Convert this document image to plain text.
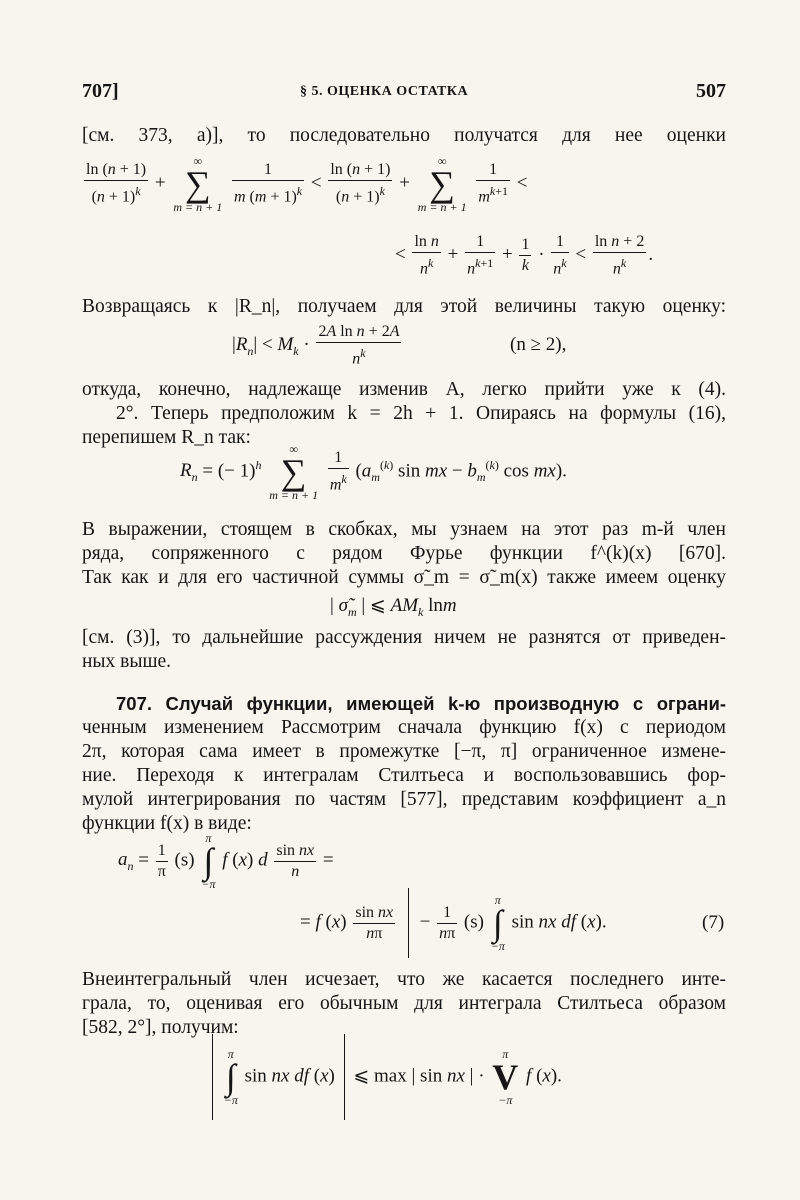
707]	§ 5. ОЦЕНКА ОСТАТКА	507
[см. 373, а)], то последовательно получатся для нее оценки
$\frac{\ln (n + 1)}{(n + 1)^k}$ +
∞
∑
m = n + 1
$\frac{1}{m (m + 1)^k} < \frac{\ln (n + 1)}{(n + 1)^k}$ +
∞
∑
m = n + 1
$\frac{1}{m^{k+1}}$ <
< $\frac{\text{ln n}}{n^k} + \frac{1}{n^{k+1}} + \frac{1}{k} \cdot \frac{1}{n^k} < \frac{\text{ln n + 2}}{n^k}$ .
Возвращаясь к |R_n|, получаем для этой величины такую оценку:
$|R_n| < M_k \cdot \frac{\text{2A ln n + 2A}}{n^k}$	(n ≥ 2),
откуда, конечно, надлежаще изменив A, легко прийти уже к (4).
2°. Теперь предположим k = 2h + 1. Опираясь на формулы (16),
перепишем R_n так:
$R_n$ = (− 1)$^h$
∞
∑
m = n + 1
$\frac{1}{m^k} (a_m^{(k)}$ sin mx − $b_m^{(k)}$ cos mx).
В выражении, стоящем в скобках, мы узнаем на этот раз m-й член
ряда, сопряженного с рядом Фурье функции f^(k)(x) [670].
Так как и для его частичной суммы σ̃_m = σ̃_m(x) также имеем оценку
| $\sigmã_m$ | ⩽ $AM_k$ lnm
[см. (3)], то дальнейшие рассуждения ничем не разнятся от приведен-
ных выше.
707. Случай функции, имеющей k-ю производную с ограни-
ченным изменением Рассмотрим сначала функцию f(x) с периодом
2π, которая сама имеет в промежутке [−π, π] ограниченное измене-
ние. Переходя к интегралам Стилтьеса и воспользовавшись фор-
мулой интегрирования по частям [577], представим коэффициент a_n
функции f(x) в виде:
$a_n = \frac{1}{\pi} (s)$
π
∫
−π
f (x) d $\frac{\text{sin nx}}{n}$ =
= f $(x) \frac{\text{sin nx}}{n\pi} - \frac{1}{n\pi} (s)$
π
∫
−π
sin nx df (x).	(7)
Внеинтегральный член исчезает, что же касается последнего инте-
грала, то, оценивая его обычным для интеграла Стилтьеса образом
[582, 2°], получим:

π
∫
−π
sin nx df (x)  ⩽ max | sin nx | ·
π
V
−π
f (x).
